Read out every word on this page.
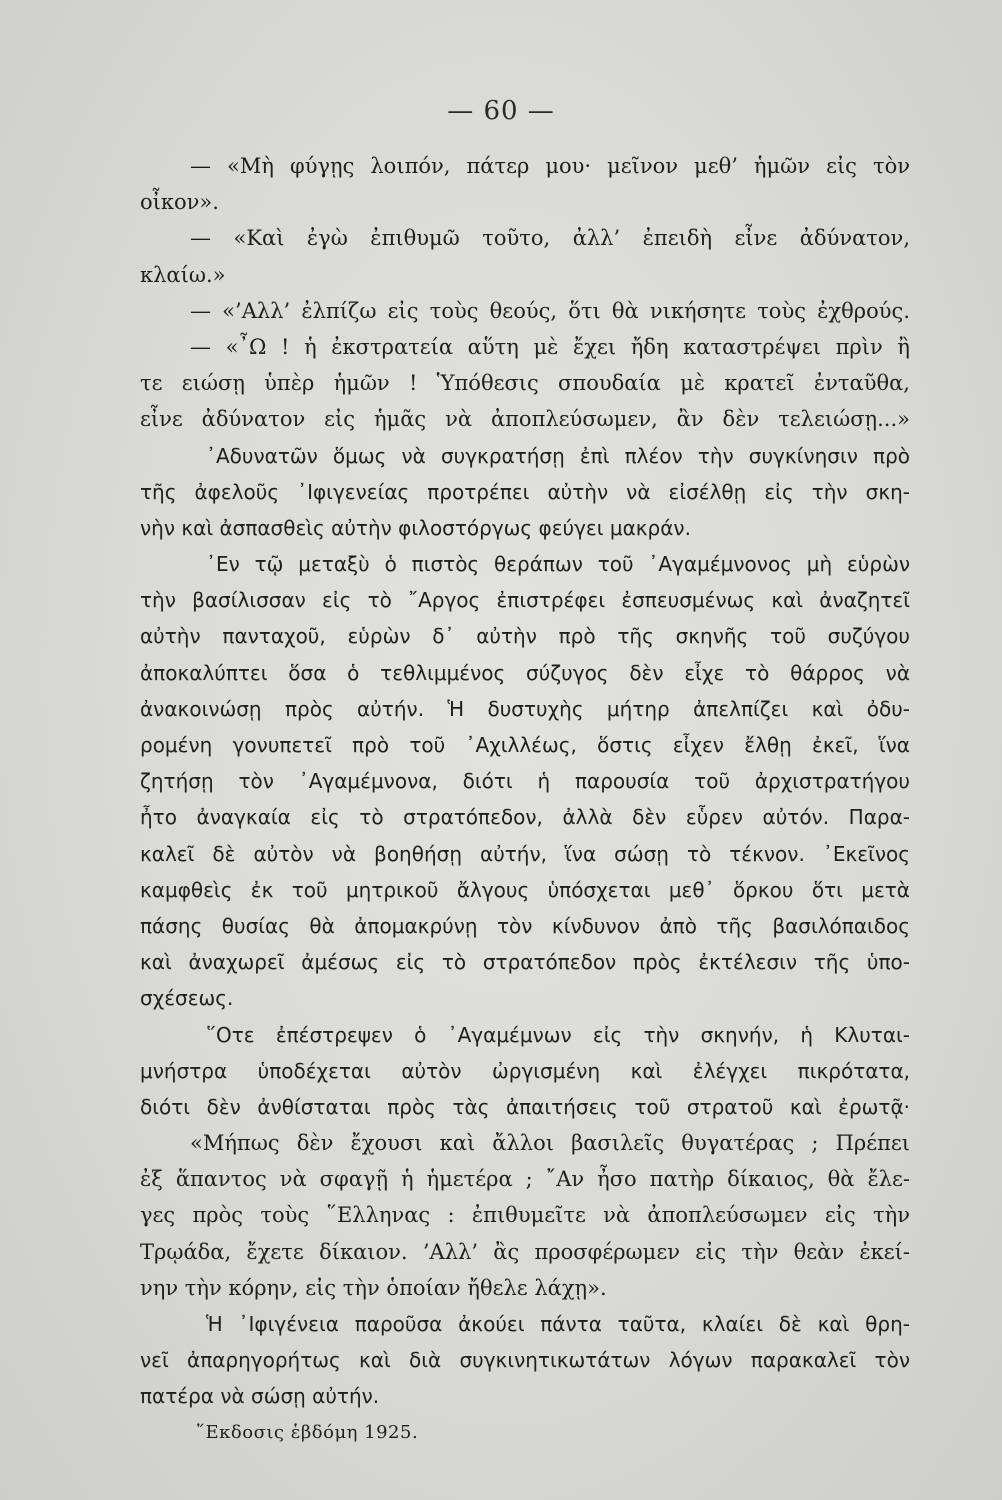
— 60 —
— «Μὴ φύγῃς λοιπόν, πάτερ μου· μεῖνον μεθ’ ἡμῶν εἰς τὸν
οἶκον».
— «Καὶ ἐγὼ ἐπιθυμῶ τοῦτο, ἀλλ’ ἐπειδὴ εἶνε ἀδύνατον,
κλαίω.»
— «’Αλλ’ ἐλπίζω εἰς τοὺς θεούς, ὅτι θὰ νικήσητε τοὺς ἐχθρούς.
— «῏Ω ! ἡ ἐκστρατεία αὕτη μὲ ἔχει ἤδη καταστρέψει πρὶν ἢ
τε ειώσῃ ὑπὲρ ἡμῶν ! Ὑπόθεσις σπουδαία μὲ κρατεῖ ἐνταῦθα,
εἶνε ἀδύνατον εἰς ἡμᾶς νὰ ἀποπλεύσωμεν, ἂν δὲν τελειώσῃ...»
᾽Αδυνατῶν ὅμως νὰ συγκρατήσῃ ἐπὶ πλέον τὴν συγκίνησιν πρὸ
τῆς ἀφελοῦς ᾽Ιφιγενείας προτρέπει αὐτὴν νὰ εἰσέλθῃ εἰς τὴν σκη-
νὴν καὶ ἀσπασθεὶς αὐτὴν φιλοστόργως φεύγει μακράν.
᾽Εν τῷ μεταξὺ ὁ πιστὸς θεράπων τοῦ ᾽Αγαμέμνονος μὴ εὑρὼν
τὴν βασίλισσαν εἰς τὸ ῎Αργος ἐπιστρέφει ἐσπευσμένως καὶ ἀναζητεῖ
αὐτὴν πανταχοῦ, εὑρὼν δ᾽ αὐτὴν πρὸ τῆς σκηνῆς τοῦ συζύγου
ἀποκαλύπτει ὅσα ὁ τεθλιμμένος σύζυγος δὲν εἶχε τὸ θάρρος νὰ
ἀνακοινώσῃ πρὸς αὐτήν. Ἡ δυστυχὴς μήτηρ ἀπελπίζει καὶ ὀδυ-
ρομένη γονυπετεῖ πρὸ τοῦ ᾽Αχιλλέως, ὅστις εἶχεν ἔλθῃ ἐκεῖ, ἵνα
ζητήσῃ τὸν ᾽Αγαμέμνονα, διότι ἡ παρουσία τοῦ ἀρχιστρατήγου
ἦτο ἀναγκαία εἰς τὸ στρατόπεδον, ἀλλὰ δὲν εὗρεν αὐτόν. Παρα-
καλεῖ δὲ αὐτὸν νὰ βοηθήσῃ αὐτήν, ἵνα σώσῃ τὸ τέκνον. ᾽Εκεῖνος
καμφθεὶς ἐκ τοῦ μητρικοῦ ἄλγους ὑπόσχεται μεθ᾽ ὅρκου ὅτι μετὰ
πάσης θυσίας θὰ ἀπομακρύνῃ τὸν κίνδυνον ἀπὸ τῆς βασιλόπαιδος
καὶ ἀναχωρεῖ ἀμέσως εἰς τὸ στρατόπεδον πρὸς ἐκτέλεσιν τῆς ὑπο-
σχέσεως.
῞Οτε ἐπέστρεψεν ὁ ᾽Αγαμέμνων εἰς τὴν σκηνήν, ἡ Κλυται-
μνήστρα ὑποδέχεται αὐτὸν ὠργισμένη καὶ ἐλέγχει πικρότατα,
διότι δὲν ἀνθίσταται πρὸς τὰς ἀπαιτήσεις τοῦ στρατοῦ καὶ ἐρωτᾷ·
«Μήπως δὲν ἔχουσι καὶ ἄλλοι βασιλεῖς θυγατέρας ; Πρέπει
ἐξ ἅπαντος νὰ σφαγῇ ἡ ἡμετέρα ; ῎Αν ἦσο πατὴρ δίκαιος, θὰ ἔλε-
γες πρὸς τοὺς ῞Ελληνας : ἐπιθυμεῖτε νὰ ἀποπλεύσωμεν εἰς τὴν
Τρῳάδα, ἔχετε δίκαιον. ’Αλλ’ ἂς προσφέρωμεν εἰς τὴν θεὰν ἐκεί-
νην τὴν κόρην, εἰς τὴν ὁποίαν ἤθελε λάχῃ».
Ἡ ᾽Ιφιγένεια παροῦσα ἀκούει πάντα ταῦτα, κλαίει δὲ καὶ θρη-
νεῖ ἀπαρηγορήτως καὶ διὰ συγκινητικωτάτων λόγων παρακαλεῖ τὸν
πατέρα νὰ σώσῃ αὐτήν.
῞Εκδοσις ἑβδόμη 1925.
